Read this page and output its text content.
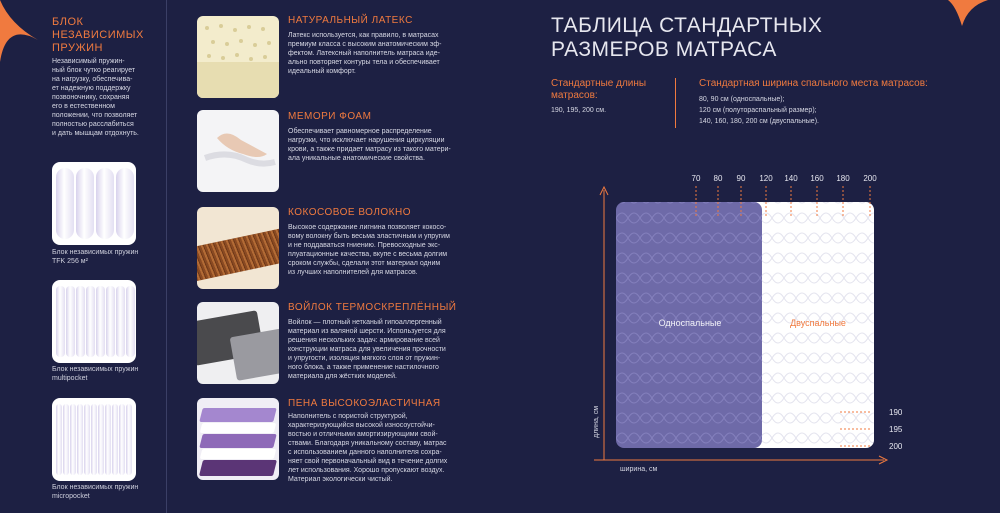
БЛОК
НЕЗАВИСИМЫХ
ПРУЖИН
Независимый пружин-
ный блок чутко реагирует
на нагрузку, обеспечива-
ет надежную поддержку
позвоночнику, сохраняя
его в естественном
положении, что позволяет
полностью расслабиться
и дать мышцам отдохнуть.
Блок независимых пружин
TFK 256 м²
Блок независимых пружин
multipocket
Блок независимых пружин
micropocket
НАТУРАЛЬНЫЙ ЛАТЕКС
Латекс используется, как правило, в матрасах
премиум класса с высоким анатомическим эф-
фектом. Латексный наполнитель матраса иде-
ально повторяет контуры тела и обеспечивает
идеальный комфорт.
МЕМОРИ ФОАМ
Обеспечивает равномерное распределение
нагрузки, что исключает нарушения циркуляции
крови, а также придает матрасу из такого матери-
ала уникальные анатомические свойства.
КОКОСОВОЕ ВОЛОКНО
Высокое содержание лигнина позволяет кокосо-
вому волокну быть весьма эластичным и упругим
и не поддаваться гниению. Превосходные экс-
плуатационные качества, вкупе с весьма долгим
сроком службы, сделали этот материал одним
из лучших наполнителей для матрасов.
ВОЙЛОК ТЕРМОСКРЕПЛЁННЫЙ
Войлок — плотный нетканый гипоаллергенный
материал из валяной шерсти. Используется для
решения нескольких задач: армирование всей
конструкции матраса для увеличения прочности
и упругости, изоляция мягкого слоя от пружин-
ного блока, а также применение настилочного
материала для жёстких моделей.
ПЕНА ВЫСОКОЭЛАСТИЧНАЯ
Наполнитель с пористой структурой,
характеризующийся высокой износоустойчи-
востью и отличными амортизирующими свой-
ствами. Благодаря уникальному составу, матрас
с использованием данного наполнителя сохра-
няет свой первоначальный вид в течение долгих
лет использования. Хорошо пропускают воздух.
Материал экологически чистый.
ТАБЛИЦА СТАНДАРТНЫХ
РАЗМЕРОВ МАТРАСА
Стандартные длины
матрасов:
190, 195, 200 см.
Стандартная ширина спального места матрасов:
80, 90 см (односпальные);
120 см (полутораспальный размер);
140, 160, 180, 200 см (двуспальные).
70 80 90 120 140 160 180 200
190
195
200
Односпальные	Двуспальные
ширина, см
длина, см
